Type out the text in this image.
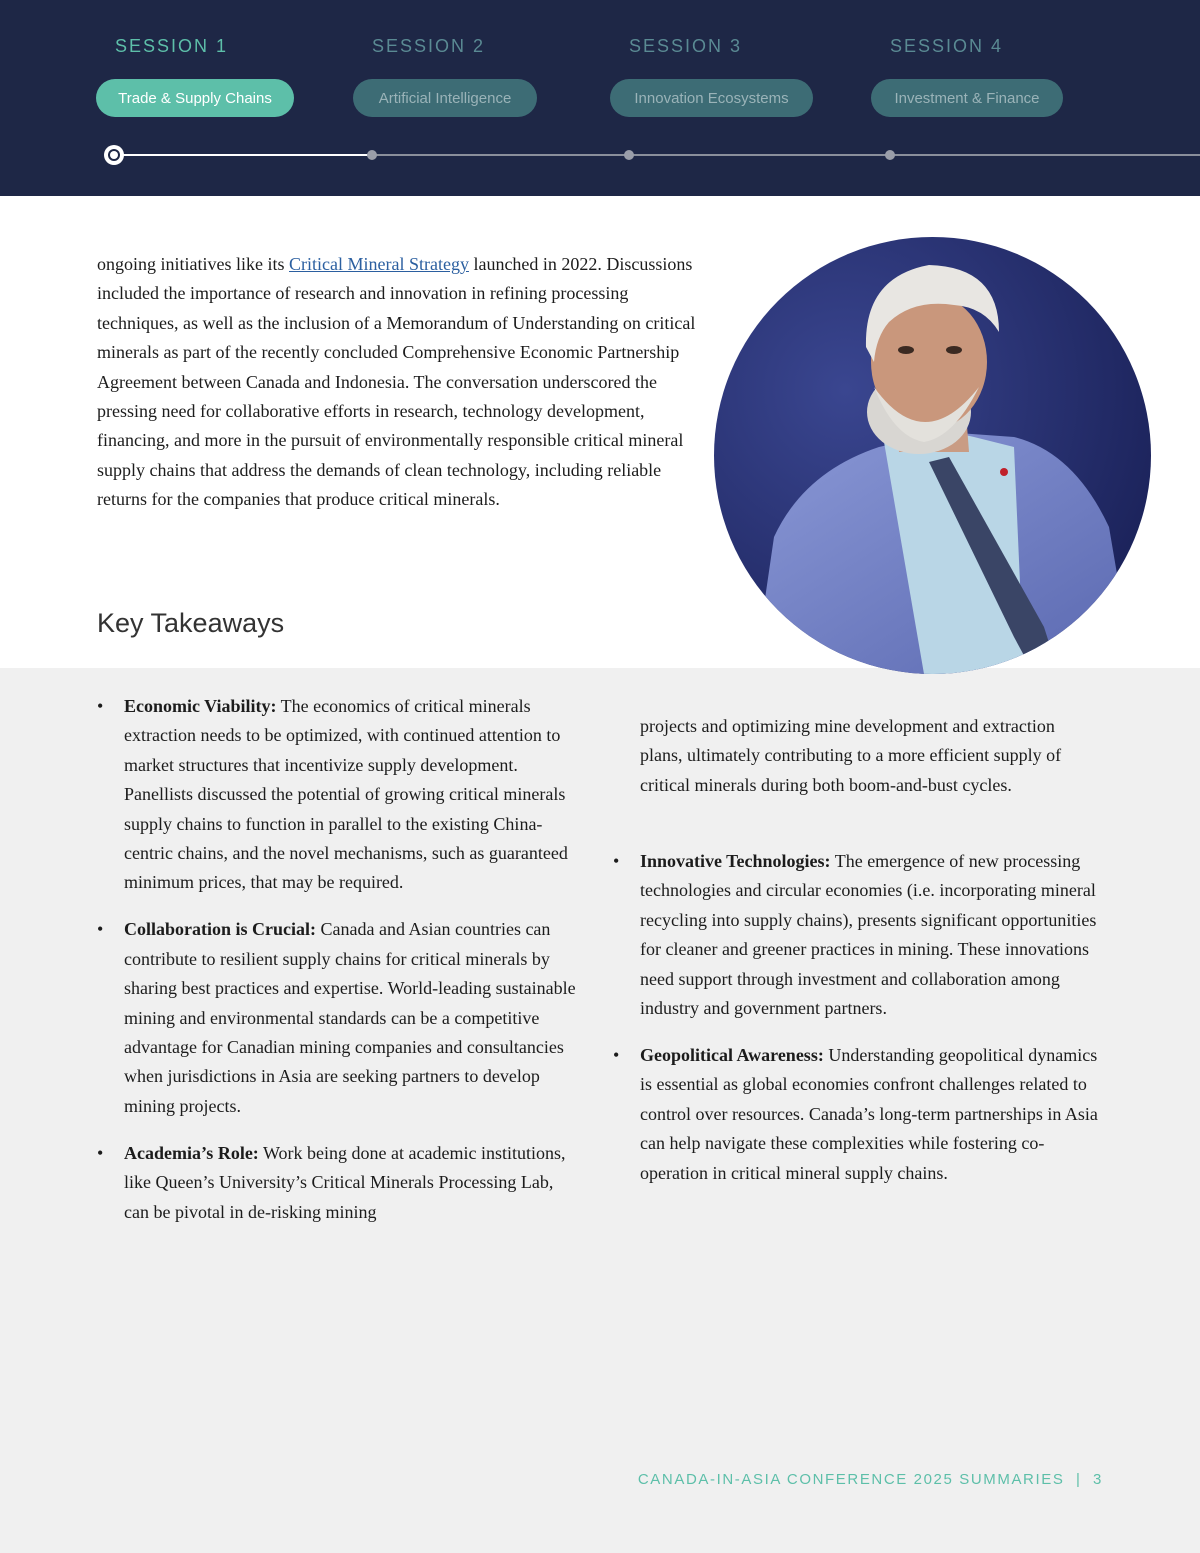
SESSION 1	SESSION 2	SESSION 3	SESSION 4
Trade & Supply Chains	Artificial Intelligence	Innovation Ecosystems	Investment & Finance

ongoing initiatives like its Critical Mineral Strategy launched in 2022. Discussions included the importance of research and innovation in refining processing techniques, as well as the inclusion of a Memorandum of Understanding on critical minerals as part of the recently concluded Comprehensive Economic Partnership Agreement between Canada and Indonesia. The conversation underscored the pressing need for collaborative efforts in research, technology development, financing, and more in the pursuit of environmentally responsible critical mineral supply chains that address the demands of clean technology, including reliable returns for the companies that produce critical minerals.

Key Takeaways
• Economic Viability: The economics of critical minerals extraction needs to be optimized, with continued attention to market structures that incentivize supply development. Panellists discussed the potential of growing critical minerals supply chains to function in parallel to the existing China-centric chains, and the novel mechanisms, such as guaranteed minimum prices, that may be required.
• Collaboration is Crucial: Canada and Asian countries can contribute to resilient supply chains for critical minerals by sharing best practices and expertise. World-leading sustainable mining and environmental standards can be a competitive advantage for Canadian mining companies and consultancies when jurisdictions in Asia are seeking partners to develop mining projects.
• Academia’s Role: Work being done at academic institutions, like Queen’s University’s Critical Minerals Processing Lab, can be pivotal in de-risking mining

projects and optimizing mine development and extraction plans, ultimately contributing to a more efficient supply of critical minerals during both boom-and-bust cycles.

• Innovative Technologies: The emergence of new processing technologies and circular economies (i.e. incorporating mineral recycling into supply chains), presents significant opportunities for cleaner and greener practices in mining. These innovations need support through investment and collaboration among industry and government partners.
• Geopolitical Awareness: Understanding geopolitical dynamics is essential as global economies confront challenges related to control over resources. Canada’s long-term partnerships in Asia can help navigate these complexities while fostering co-operation in critical mineral supply chains.
CANADA-IN-ASIA CONFERENCE 2025 SUMMARIES | 3
